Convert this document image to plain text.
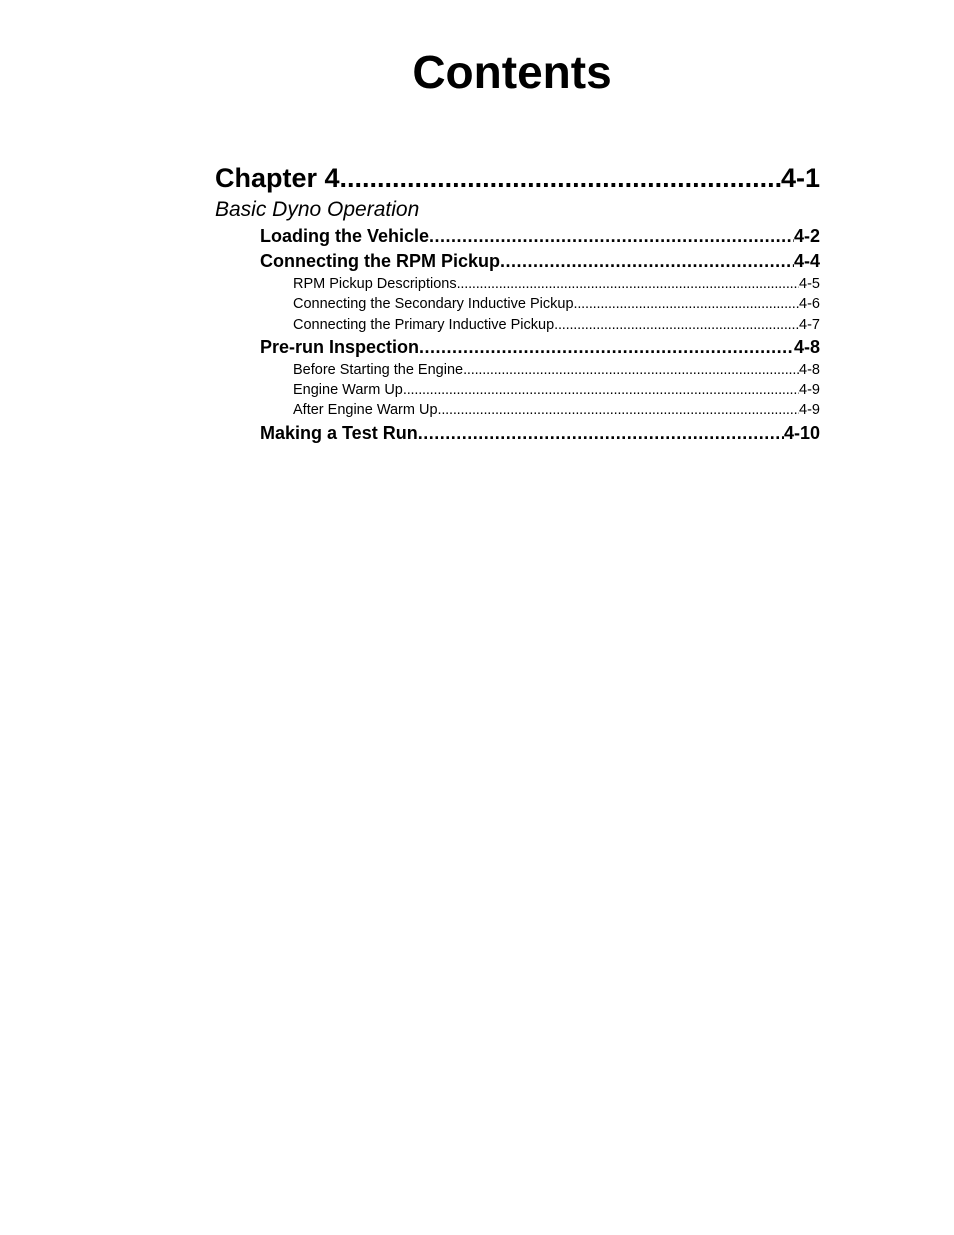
Contents
Chapter 4 .....	4-1
Basic Dyno Operation
Loading the Vehicle .....	4-2
Connecting the RPM Pickup .....	4-4
RPM Pickup Descriptions .....	4-5
Connecting the Secondary Inductive Pickup .....	4-6
Connecting the Primary Inductive Pickup .....	4-7
Pre-run Inspection .....	4-8
Before Starting the Engine .....	4-8
Engine Warm Up .....	4-9
After Engine Warm Up .....	4-9
Making a Test Run .....	4-10
